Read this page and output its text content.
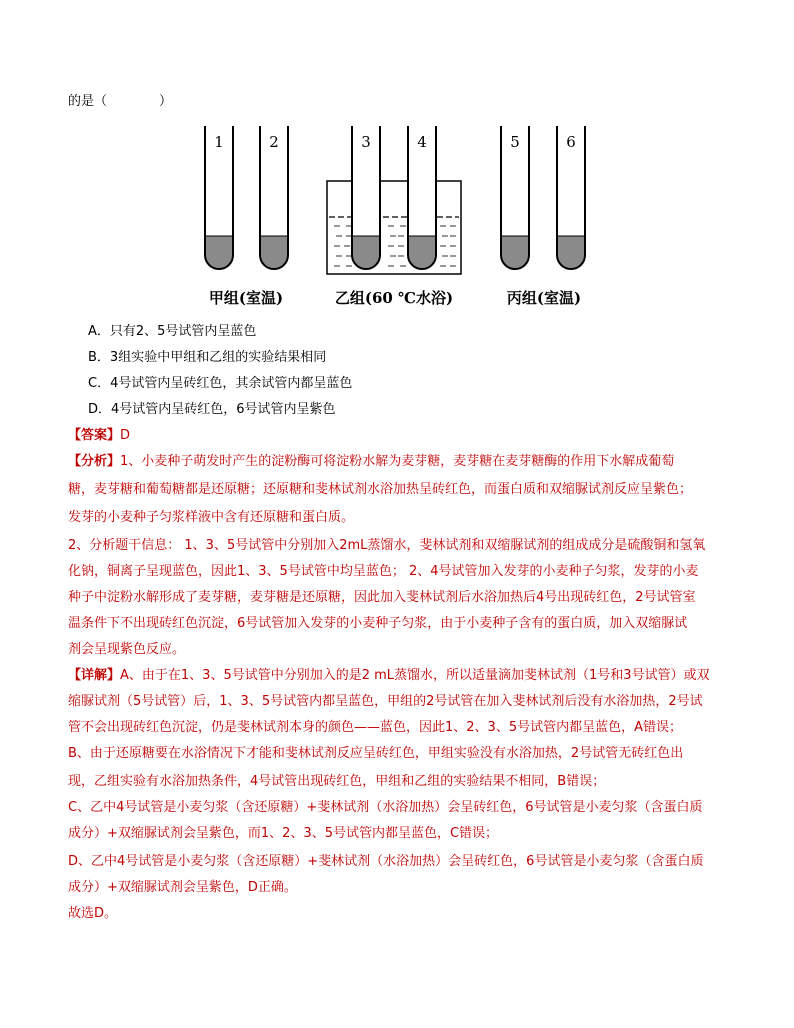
的是（　　　　）
1	2	3	4	5	6
甲组(室温)	乙组(60 ℃水浴)	丙组(室温)
A．只有2、5号试管内呈蓝色
B．3组实验中甲组和乙组的实验结果相同
C．4号试管内呈砖红色，其余试管内都呈蓝色
D．4号试管内呈砖红色，6号试管内呈紫色
【答案】D
【分析】1、小麦种子萌发时产生的淀粉酶可将淀粉水解为麦芽糖，麦芽糖在麦芽糖酶的作用下水解成葡萄
糖，麦芽糖和葡萄糖都是还原糖；还原糖和斐林试剂水浴加热呈砖红色，而蛋白质和双缩脲试剂反应呈紫色；
发芽的小麦种子匀浆样液中含有还原糖和蛋白质。
2、分析题干信息： 1、3、5号试管中分别加入2mL蒸馏水，斐林试剂和双缩脲试剂的组成成分是硫酸铜和氢氧
化钠，铜离子呈现蓝色，因此1、3、5号试管中均呈蓝色； 2、4号试管加入发芽的小麦种子匀浆，发芽的小麦
种子中淀粉水解形成了麦芽糖，麦芽糖是还原糖，因此加入斐林试剂后水浴加热后4号出现砖红色，2号试管室
温条件下不出现砖红色沉淀，6号试管加入发芽的小麦种子匀浆，由于小麦种子含有的蛋白质，加入双缩脲试
剂会呈现紫色反应。
【详解】A、由于在1、3、5号试管中分别加入的是2 mL蒸馏水，所以适量滴加斐林试剂（1号和3号试管）或双
缩脲试剂（5号试管）后，1、3、5号试管内都呈蓝色，甲组的2号试管在加入斐林试剂后没有水浴加热，2号试
管不会出现砖红色沉淀，仍是斐林试剂本身的颜色——蓝色，因此1、2、3、5号试管内都呈蓝色，A错误；
B、由于还原糖要在水浴情况下才能和斐林试剂反应呈砖红色，甲组实验没有水浴加热，2号试管无砖红色出
现，乙组实验有水浴加热条件，4号试管出现砖红色，甲组和乙组的实验结果不相同，B错误；
C、乙中4号试管是小麦匀浆（含还原糖）+斐林试剂（水浴加热）会呈砖红色，6号试管是小麦匀浆（含蛋白质
成分）+双缩脲试剂会呈紫色，而1、2、3、5号试管内都呈蓝色，C错误；
D、乙中4号试管是小麦匀浆（含还原糖）+斐林试剂（水浴加热）会呈砖红色，6号试管是小麦匀浆（含蛋白质
成分）+双缩脲试剂会呈紫色，D正确。
故选D。
